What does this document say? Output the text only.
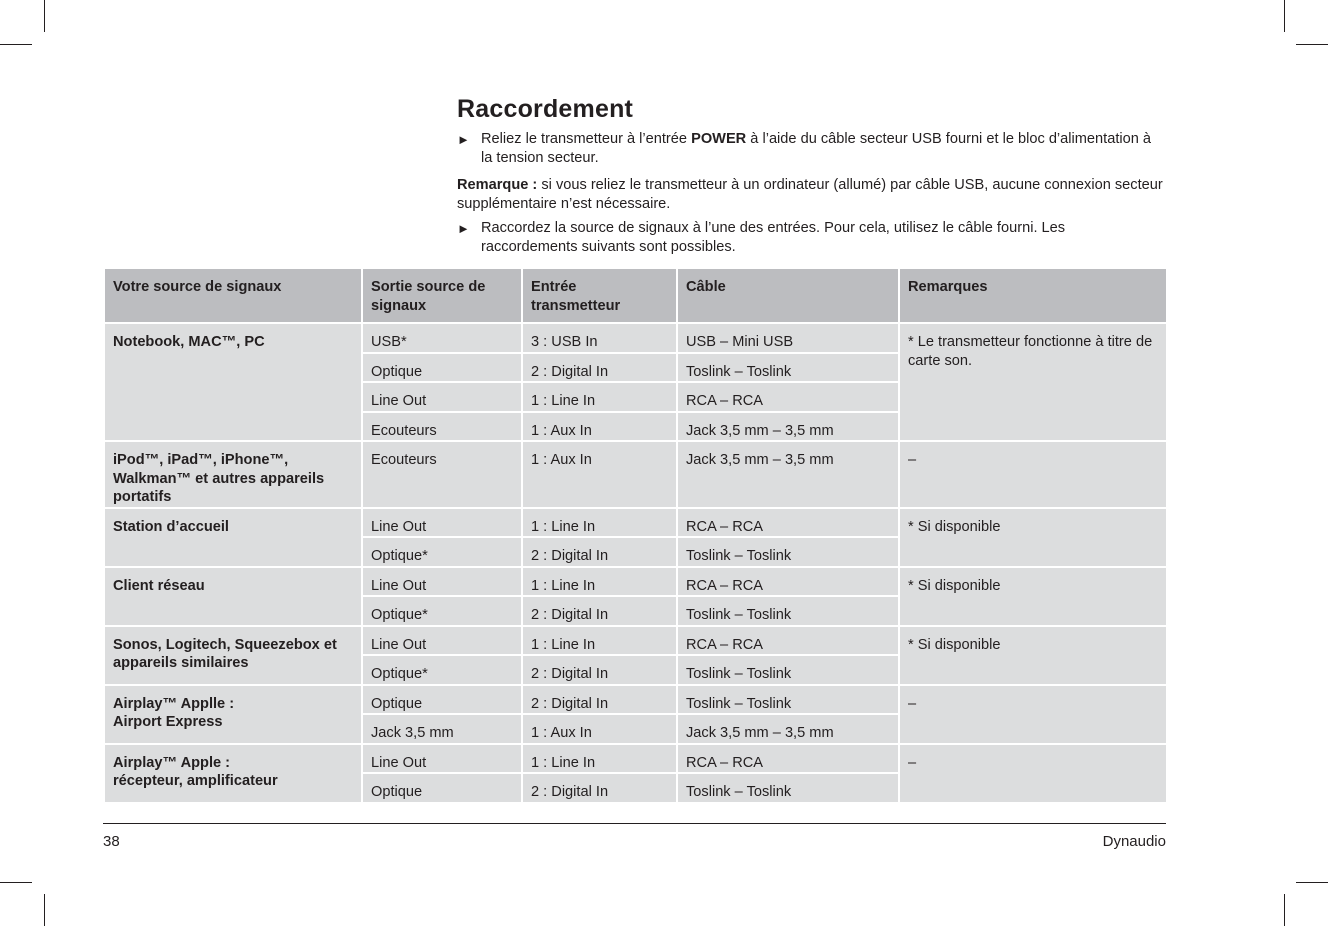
Raccordement
► Reliez le transmetteur à l’entrée POWER à l’aide du câble secteur USB fourni et le bloc d’alimentation à la tension secteur.
Remarque : si vous reliez le transmetteur à un ordinateur (allumé) par câble USB, aucune connexion secteur supplémentaire n’est nécessaire.
► Raccordez la source de signaux à l’une des entrées. Pour cela, utilisez le câble fourni. Les raccordements suivants sont possibles.
Votre source de signaux	Sortie source de signaux	Entrée transmetteur	Câble	Remarques
Notebook, MAC™, PC	USB*	3 : USB In	USB – Mini USB	* Le transmetteur fonctionne à titre de carte son.
	Optique	2 : Digital In	Toslink – Toslink	
	Line Out	1 : Line In	RCA – RCA	
	Ecouteurs	1 : Aux In	Jack 3,5 mm – 3,5 mm	
iPod™, iPad™, iPhone™, Walkman™ et autres appareils portatifs	Ecouteurs	1 : Aux In	Jack 3,5 mm – 3,5 mm	–
Station d’accueil	Line Out	1 : Line In	RCA – RCA	* Si disponible
	Optique*	2 : Digital In	Toslink – Toslink	
Client réseau	Line Out	1 : Line In	RCA – RCA	* Si disponible
	Optique*	2 : Digital In	Toslink – Toslink	
Sonos, Logitech, Squeezebox et appareils similaires	Line Out	1 : Line In	RCA – RCA	* Si disponible
	Optique*	2 : Digital In	Toslink – Toslink	

Airplay™ Applle :
Airport Express	Optique	2 : Digital In	Toslink – Toslink	–
	Jack 3,5 mm	1 : Aux In	Jack 3,5 mm – 3,5 mm	

Airplay™ Apple :
récepteur, amplificateur	Line Out	1 : Line In	RCA – RCA	–
	Optique	2 : Digital In	Toslink – Toslink	
38	Dynaudio
